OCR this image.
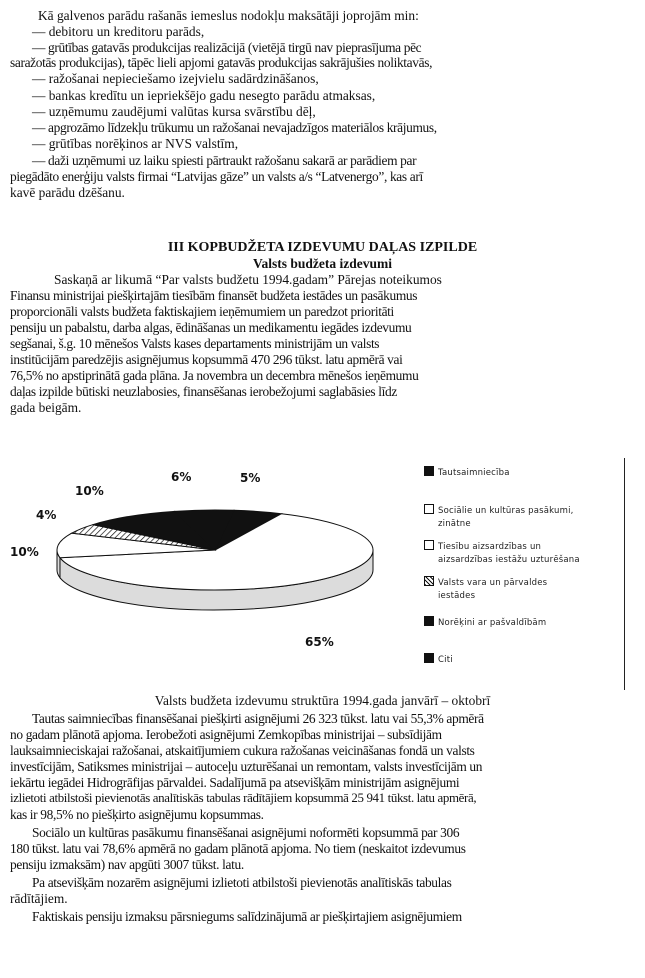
Kā galvenos parādu rašanās iemeslus nodokļu maksātāji joprojām min:
— debitoru un kreditoru parāds,
— grūtības gatavās produkcijas realizācijā (vietējā tirgū nav pieprasījuma pēc
saražotās produkcijas), tāpēc lieli apjomi gatavās produkcijas sakrājušies noliktavās,
— ražošanai nepieciešamo izejvielu sadārdzināšanos,
— bankas kredītu un iepriekšējo gadu nesegto parādu atmaksas,
— uzņēmumu zaudējumi valūtas kursa svārstību dēļ,
— apgrozāmo līdzekļu trūkumu un ražošanai nevajadzīgos materiālos krājumus,
— grūtības norēķinos ar NVS valstīm,
— daži uzņēmumi uz laiku spiesti pārtraukt ražošanu sakarā ar parādiem par
piegādāto enerģiju valsts firmai “Latvijas gāze” un valsts a/s “Latvenergo”, kas arī
kavē parādu dzēšanu.
III KOPBUDŽETA IZDEVUMU DAĻAS IZPILDE
Valsts budžeta izdevumi
Saskaņā ar likumā “Par valsts budžetu 1994.gadam” Pārejas noteikumos
Finansu ministrijai piešķirtajām tiesībām finansēt budžeta iestādes un pasākumus
proporcionāli valsts budžeta faktiskajiem ieņēmumiem un paredzot prioritāti
pensiju un pabalstu, darba algas, ēdināšanas un medikamentu iegādes izdevumu
segšanai, š.g. 10 mēnešos Valsts kases departaments ministrijām un valsts
institūcijām paredzējis asignējumus kopsummā 470 296 tūkst. latu apmērā vai
76,5% no apstiprinātā gada plāna. Ja novembra un decembra mēnešos ieņēmumu
daļas izpilde būtiski neuzlabosies, finansēšanas ierobežojumi saglabāsies līdz
gada beigām.
5%
65%
10%
4%
10%
6%	Tautsaimniecība
Sociālie un kultūras pasākumi,
zinātne
Tiesību aizsardzības un
aizsardzības iestāžu uzturēšana
Valsts vara un pārvaldes
iestādes
Norēķini ar pašvaldībām
Citi
Valsts budžeta izdevumu struktūra 1994.gada janvārī – oktobrī
Tautas saimniecības finansēšanai piešķirti asignējumi 26 323 tūkst. latu vai 55,3% apmērā
no gadam plānotā apjoma. Ierobežoti asignējumi Zemkopības ministrijai – subsīdijām
lauksaimnieciskajai ražošanai, atskaitījumiem cukura ražošanas veicināšanas fondā un valsts
investīcijām, Satiksmes ministrijai – autoceļu uzturēšanai un remontam, valsts investīcijām un
iekārtu iegādei Hidrogrāfijas pārvaldei. Sadalījumā pa atsevišķām ministrijām asignējumi
izlietoti atbilstoši pievienotās analītiskās tabulas rādītājiem kopsummā 25 941 tūkst. latu apmērā,
kas ir 98,5% no piešķirto asignējumu kopsummas.
Sociālo un kultūras pasākumu finansēšanai asignējumi noformēti kopsummā par 306
180 tūkst. latu vai 78,6% apmērā no gadam plānotā apjoma. No tiem (neskaitot izdevumus
pensiju izmaksām) nav apgūti 3007 tūkst. latu.
Pa atsevišķām nozarēm asignējumi izlietoti atbilstoši pievienotās analītiskās tabulas
rādītājiem.
Faktiskais pensiju izmaksu pārsniegums salīdzinājumā ar piešķirtajiem asignējumiem
